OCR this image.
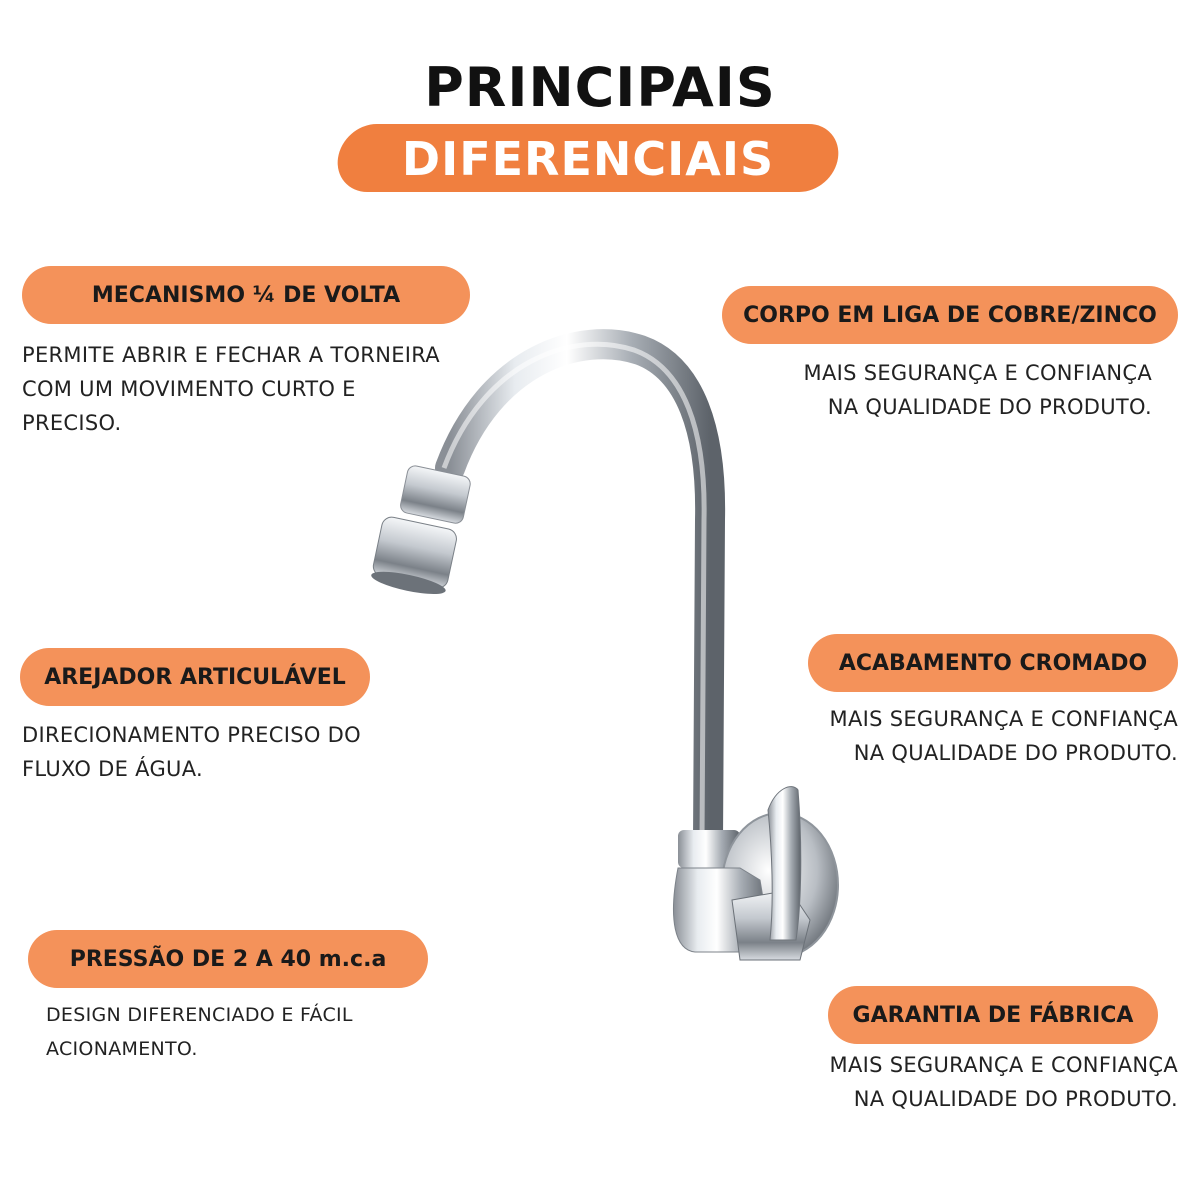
PRINCIPAIS
DIFERENCIAIS
MECANISMO ¼ DE VOLTA
PERMITE ABRIR E FECHAR A TORNEIRA
COM UM MOVIMENTO CURTO E
PRECISO.
CORPO EM LIGA DE COBRE/ZINCO
MAIS SEGURANÇA E CONFIANÇA
NA QUALIDADE DO PRODUTO.
AREJADOR ARTICULÁVEL
DIRECIONAMENTO PRECISO DO
FLUXO DE ÁGUA.
ACABAMENTO CROMADO
MAIS SEGURANÇA E CONFIANÇA
NA QUALIDADE DO PRODUTO.
PRESSÃO DE 2 A 40 m.c.a
DESIGN DIFERENCIADO E FÁCIL
ACIONAMENTO.
GARANTIA DE FÁBRICA
MAIS SEGURANÇA E CONFIANÇA
NA QUALIDADE DO PRODUTO.
